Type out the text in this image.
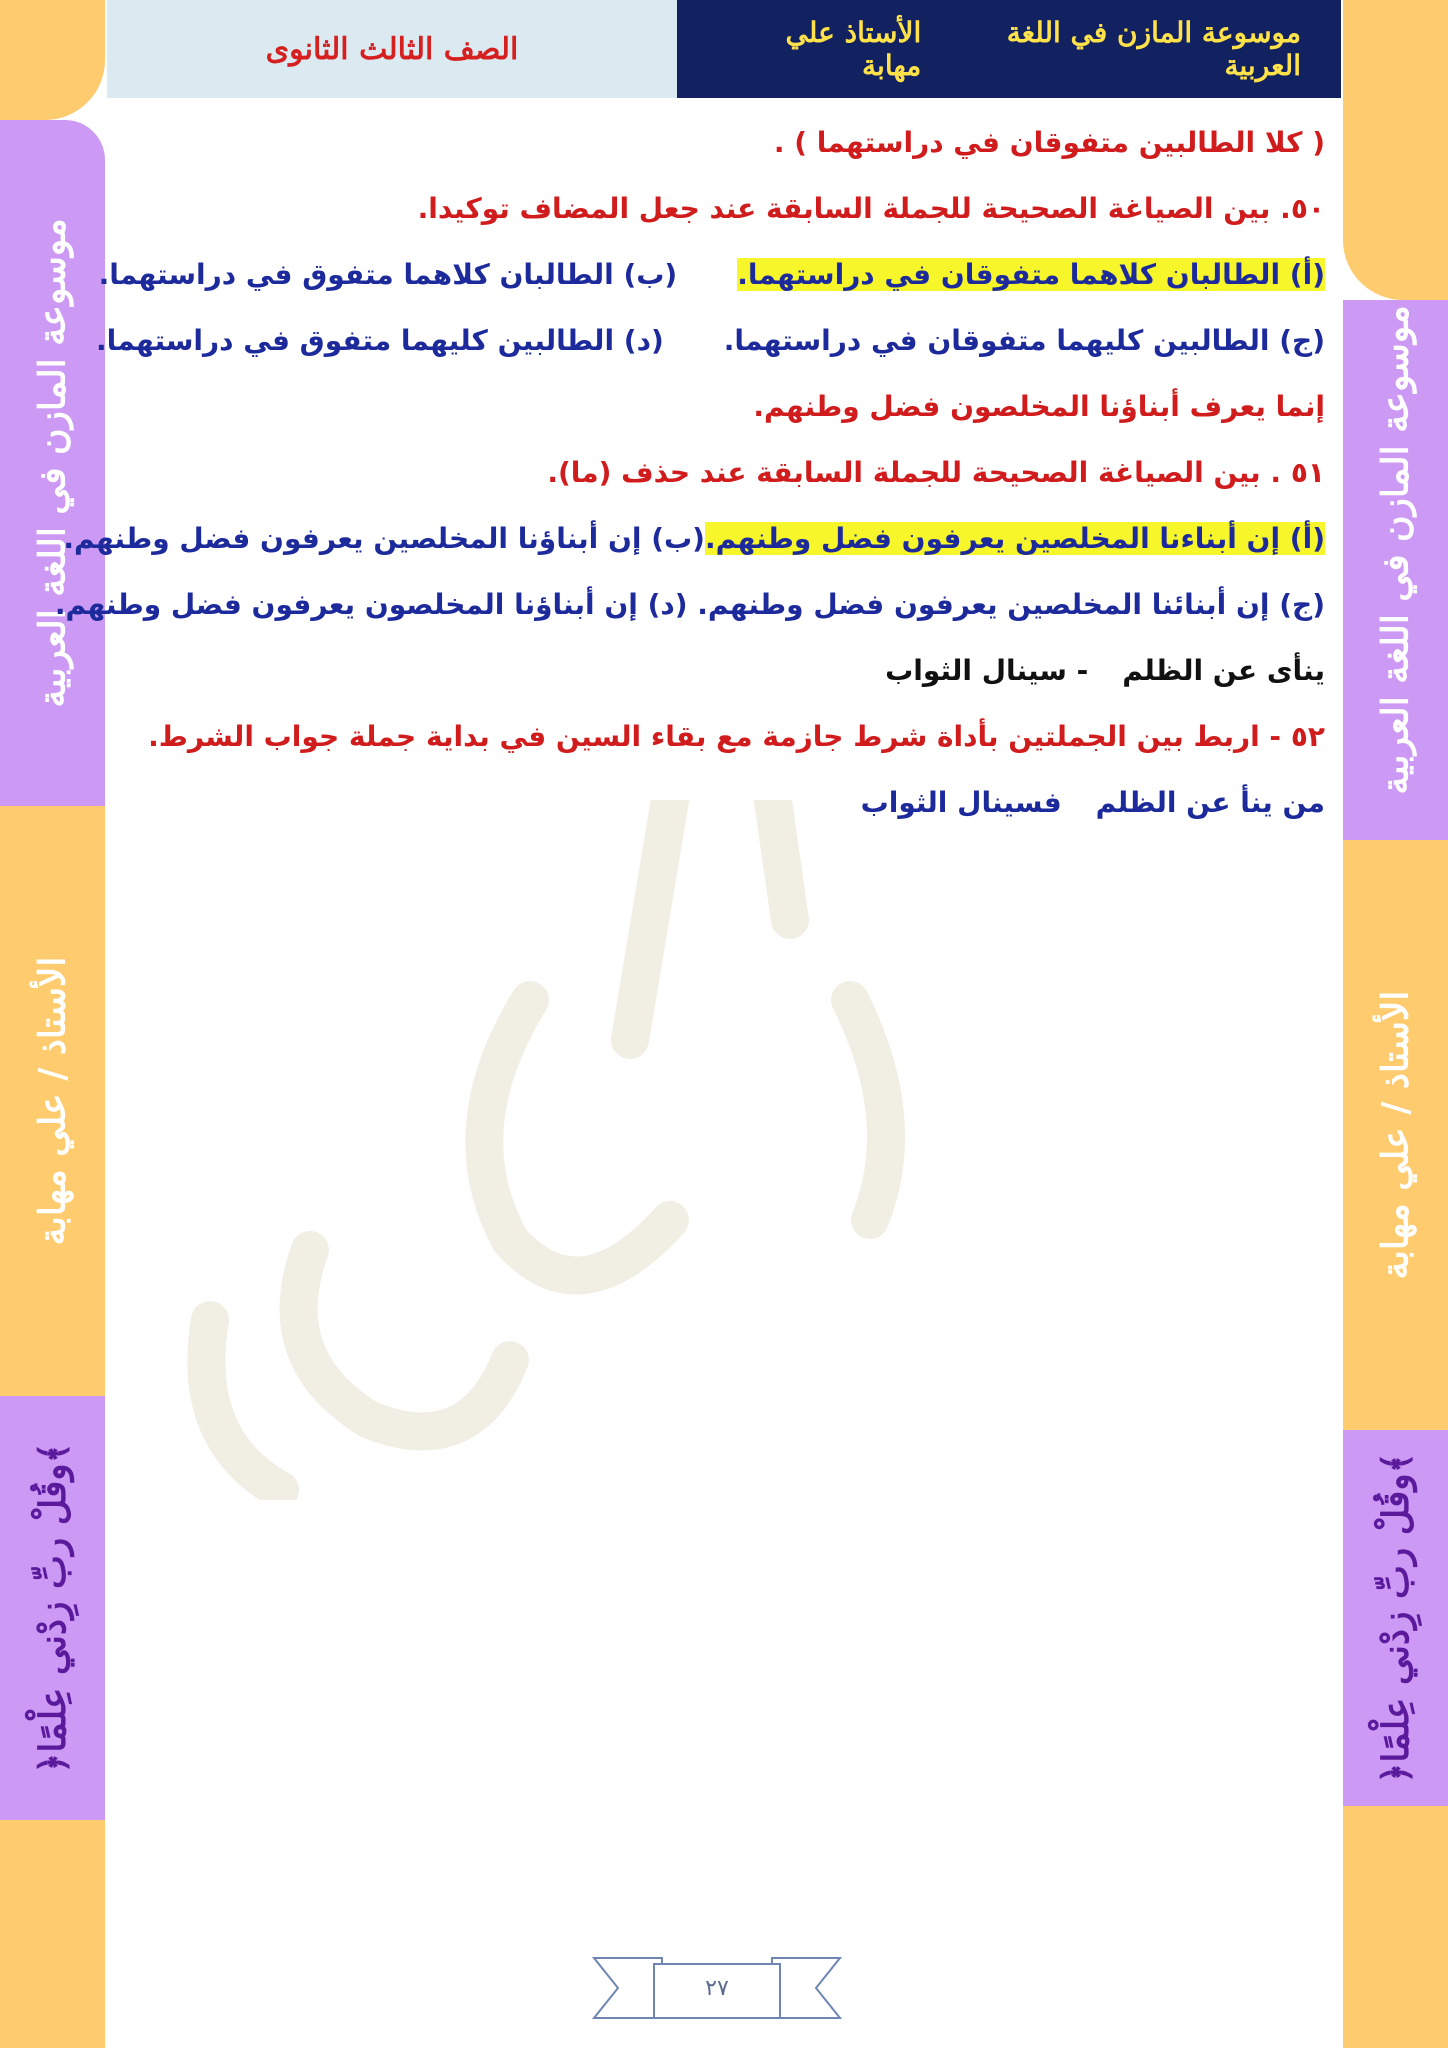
موسوعة المازن في اللغة العربية
الأستاذ / علي مهابة
﴿وقُلْ ربِّ زِدْني عِلْمًا﴾
موسوعة المازن في اللغة العربية
الأستاذ / علي مهابة
﴿وقُلْ ربِّ زِدْني عِلْمًا﴾
الصف الثالث الثانوى	موسوعة المازن في اللغة العربية
الأستاذ علي مهابة
( كلا الطالبين متفوقان في دراستهما ) .
٥٠. بين الصياغة الصحيحة للجملة السابقة عند جعل المضاف توكيدا.
(أ) الطالبان كلاهما متفوقان في دراستهما.(ب) الطالبان كلاهما متفوق في دراستهما.
(ج) الطالبين كليهما متفوقان في دراستهما.(د) الطالبين كليهما متفوق في دراستهما.
إنما يعرف أبناؤنا المخلصون فضل وطنهم.
٥١ . بين الصياغة الصحيحة للجملة السابقة عند حذف (ما).
(أ) إن أبناءنا المخلصين يعرفون فضل وطنهم.(ب) إن أبناؤنا المخلصين يعرفون فضل وطنهم.
(ج) إن أبنائنا المخلصين يعرفون فضل وطنهم. (د) إن أبناؤنا المخلصون يعرفون فضل وطنهم.
ينأى عن الظلم- سينال الثواب
٥٢ - اربط بين الجملتين بأداة شرط جازمة مع بقاء السين في بداية جملة جواب الشرط.
من ينأ عن الظلمفسينال الثواب
٢٧
